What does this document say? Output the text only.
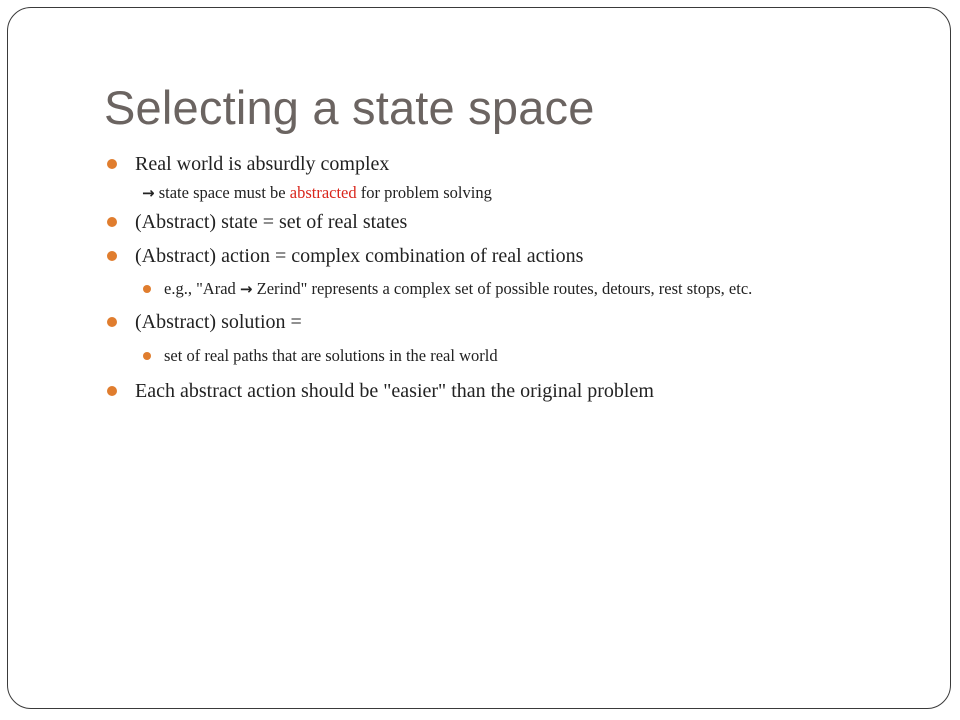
Selecting a state space
Real world is absurdly complex
→ state space must be abstracted for problem solving
(Abstract) state = set of real states
(Abstract) action = complex combination of real actions
e.g., "Arad → Zerind" represents a complex set of possible routes, detours, rest stops, etc.
(Abstract) solution =
set of real paths that are solutions in the real world
Each abstract action should be "easier" than the original problem
